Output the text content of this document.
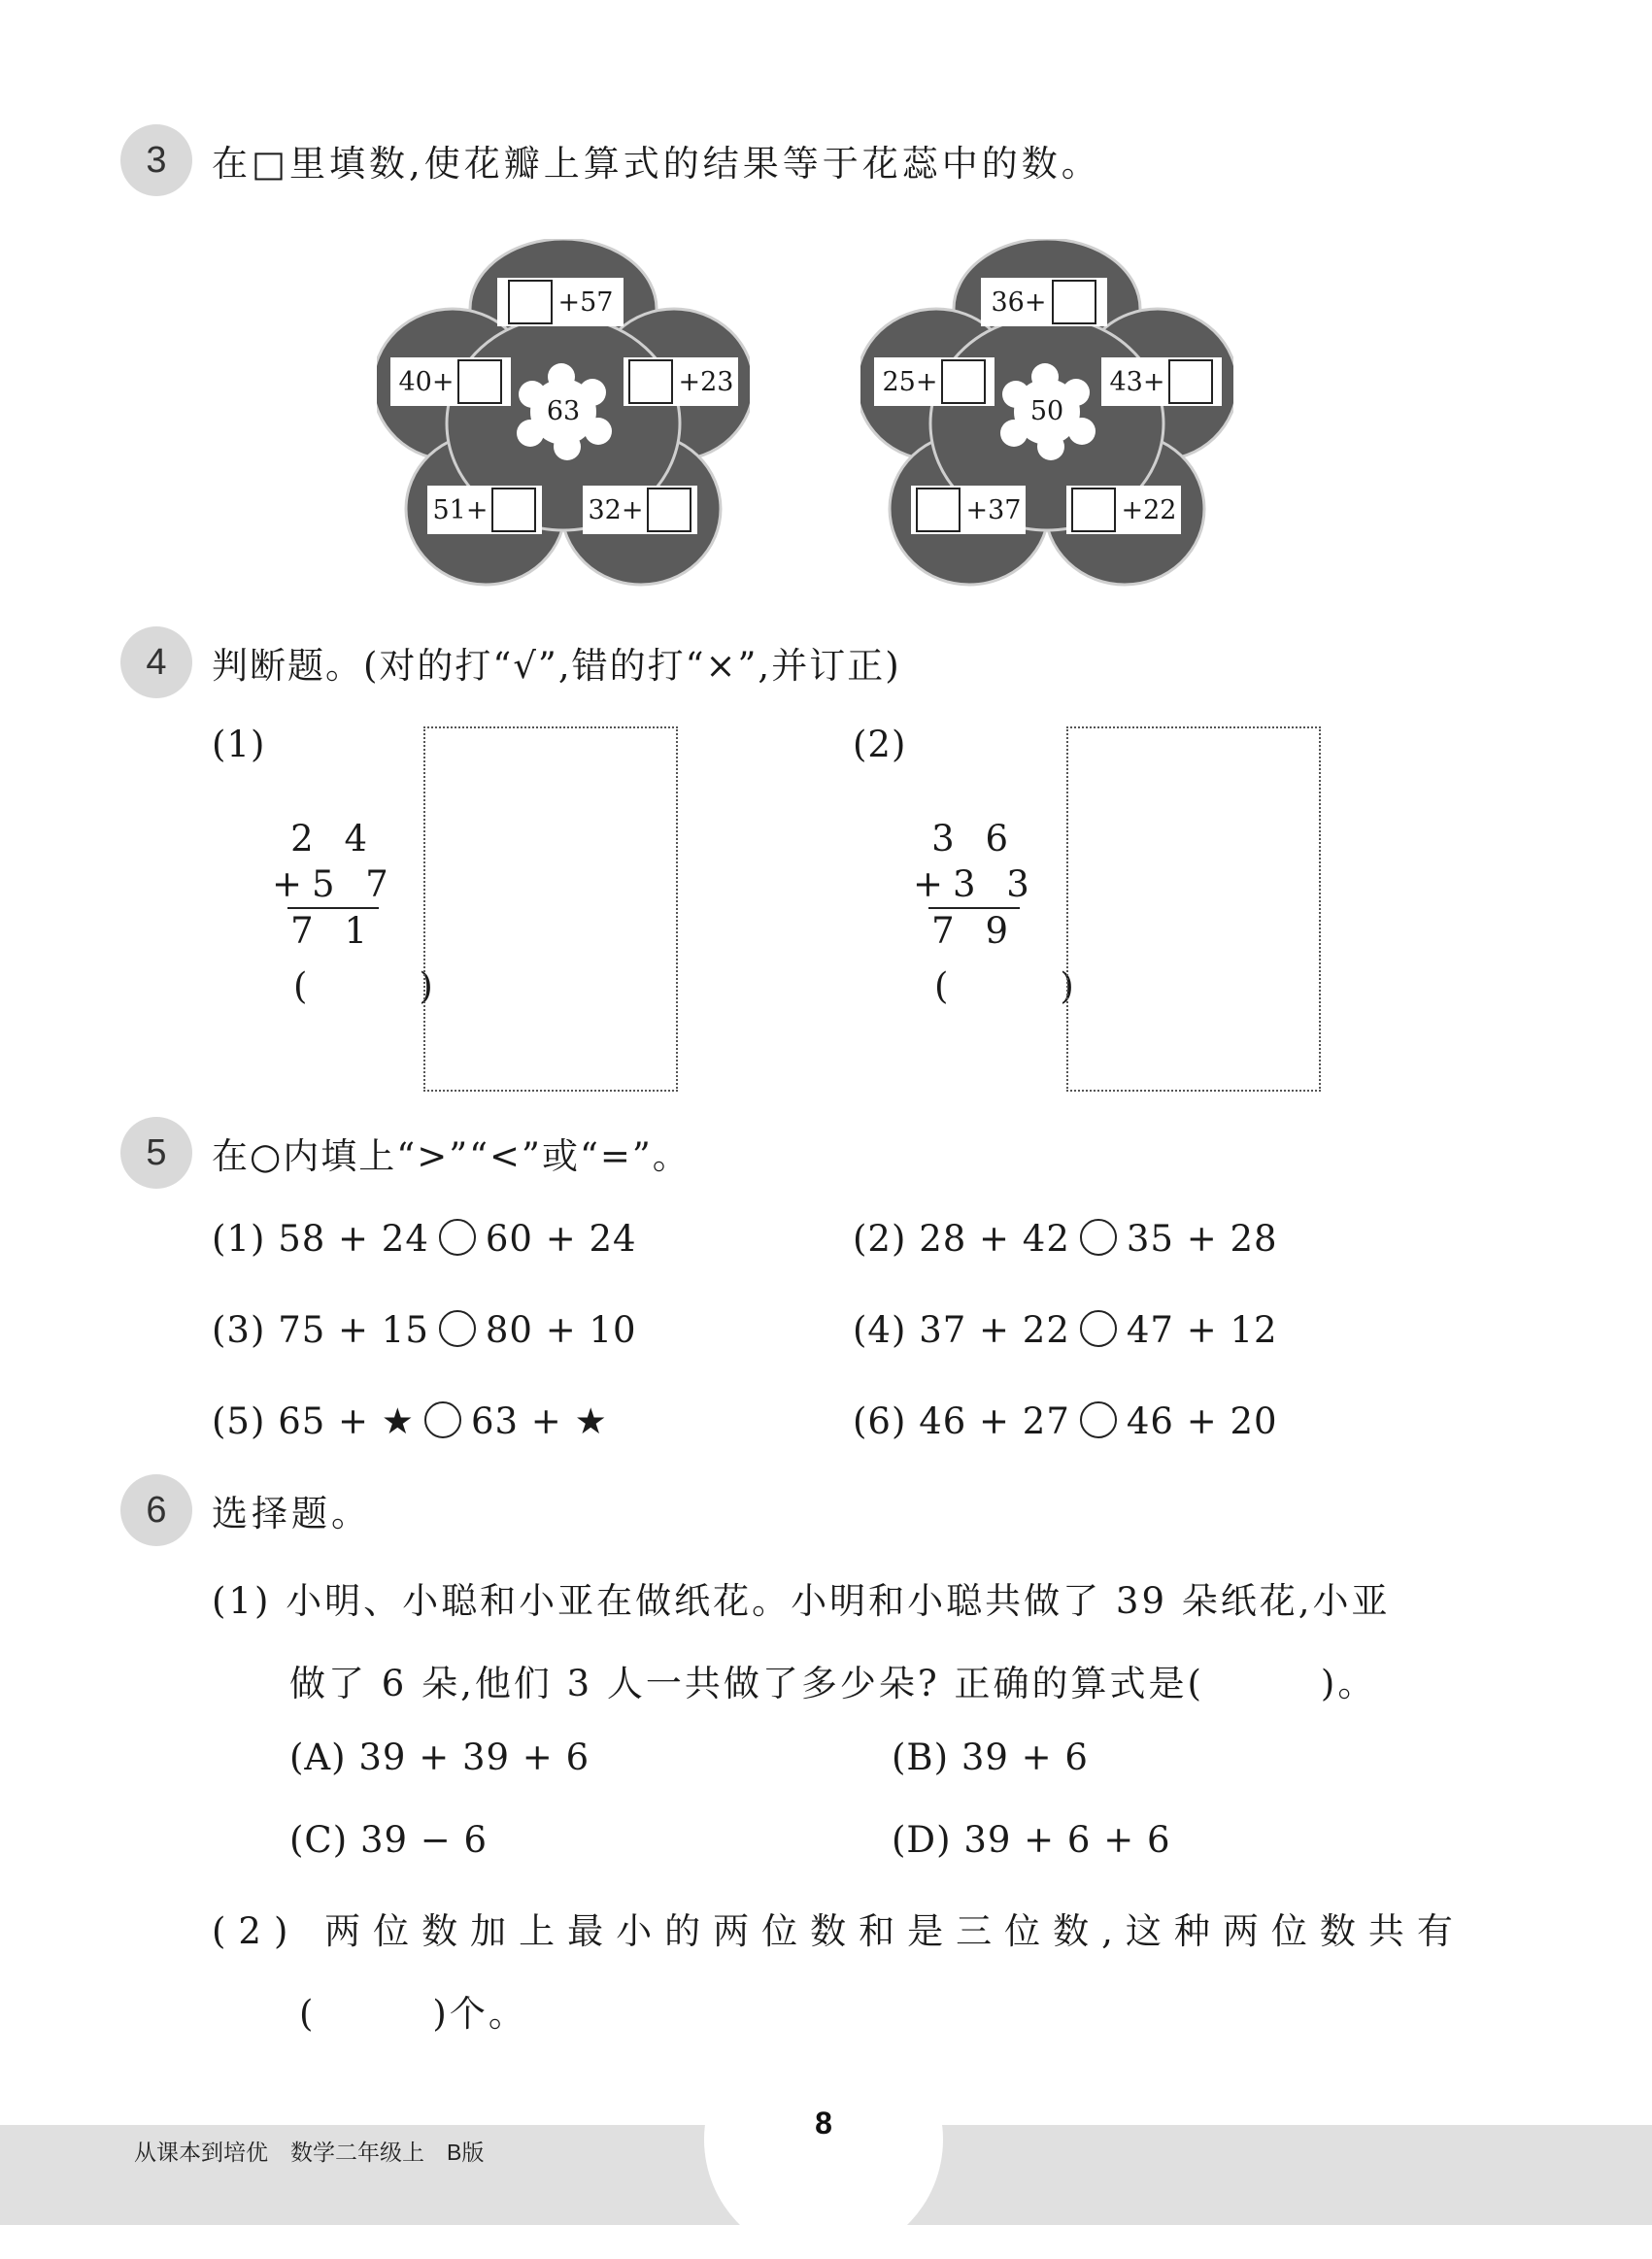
3 在□里填数,使花瓣上算式的结果等于花蕊中的数。
+57
40+	+23
51+	32+
63
36+
25+	43+
+37	+22
50
4 判断题。(对的打“√”,错的打“×”,并订正)
(1)
2 4
+5 7
7 1
(　　　)
(2)
3 6
+3 3
7 9
(　　　)
5 在○内填上“>”“<”或“=”。
(1) 58 + 24 60 + 24	(2) 28 + 42 35 + 28
(3) 75 + 15 80 + 10	(4) 37 + 22 47 + 12
(5) 65 + ★ 63 + ★	(6) 46 + 27 46 + 20
6 选择题。
(1) 小明、小聪和小亚在做纸花。小明和小聪共做了 39 朵纸花,小亚
做了 6 朵,他们 3 人一共做了多少朵? 正确的算式是(　　　)。
(A) 39 + 39 + 6	(B) 39 + 6
(C) 39 − 6	(D) 39 + 6 + 6
(2) 两位数加上最小的两位数和是三位数,这种两位数共有
(　　　)个。
从课本到培优　数学二年级上　B版
8
